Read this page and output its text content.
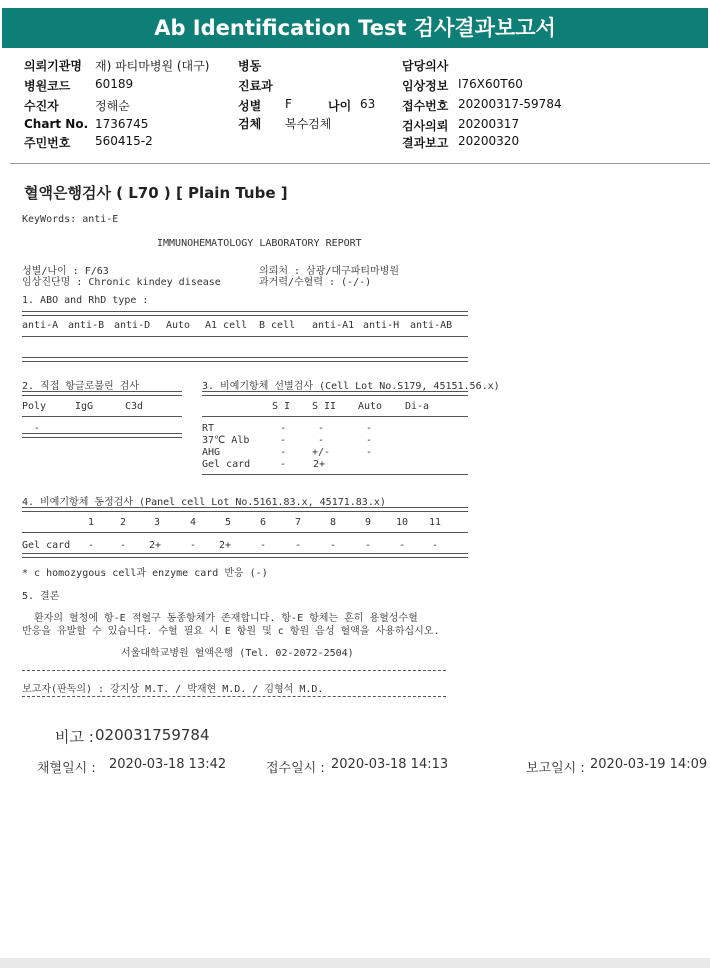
Ab Identification Test 검사결과보고서
의뢰기관명 재) 파티마병원 (대구)
병원코드 60189
수진자	정해순
Chart No. 1736745
주민번호 560415-2
병동
진료과
성별 F	나이 63
검체 복수검체
담당의사
임상정보 I76X60T60
접수번호 20200317-59784
검사의뢰 20200317
결과보고 20200320
혈액은행검사 ( L70 ) [ Plain Tube ]
KeyWords: anti-E
IMMUNOHEMATOLOGY LABORATORY REPORT
성별/나이 : F/63
임상진단명 : Chronic kindey disease
의뢰처 : 삼광/대구파티마병원
과거력/수혈력 : (-/-)
1. ABO and RhD type :
anti-A anti-B anti-D Auto A1 cell B cell anti-A1 anti-H anti-AB
2. 직접 항글로불린 검사
Poly	IgG	C3d
-
3. 비예기항체 선별검사 (Cell Lot No.S179, 45151.56.x)
S I S II Auto Di-a
RT	-	-	-
37℃ Alb	-	-	-
AHG	-	+/-	-
Gel card	-	2+
4. 비예기항체 동정검사 (Panel cell Lot No.5161.83.x, 45171.83.x)
1	2	3	4	5	6	7	8	9 10 11
Gel card -	- 2+	- 2+	-	-	-	-	-	-
* c homozygous cell과 enzyme card 반응 (-)
5. 결론
환자의 혈청에 항-E 적혈구 동종항체가 존재합니다. 항-E 항체는 흔히 용혈성수혈
반응을 유발할 수 있습니다. 수혈 필요 시 E 항원 및 c 항원 음성 혈액을 사용하십시오.
서울대학교병원 혈액은행 (Tel. 02-2072-2504)
보고자(판독의) : 강지상 M.T. / 박재현 M.D. / 김형석 M.D.
비고 : 020031759784
채혈일시 : 2020-03-18 13:42	접수일시 : 2020-03-18 14:13	보고일시 : 2020-03-19 14:09
